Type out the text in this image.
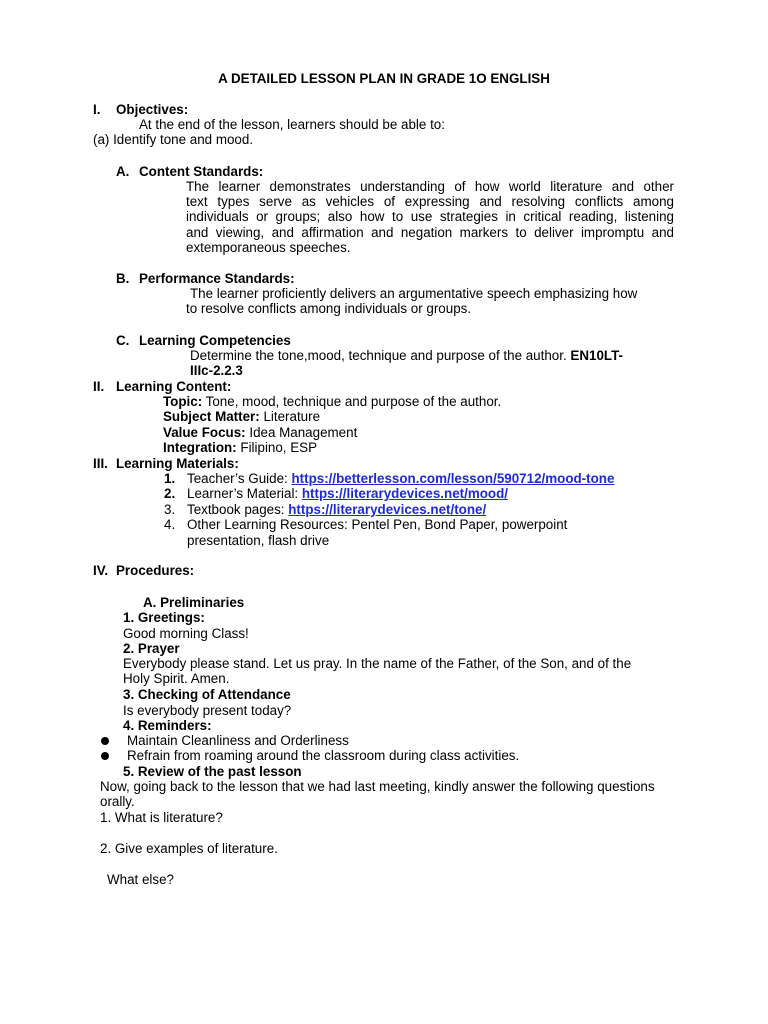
A DETAILED LESSON PLAN IN GRADE 1O ENGLISH
I. Objectives:
At the end of the lesson, learners should be able to:
(a) Identify tone and mood.
A. Content Standards:
The learner demonstrates understanding of how world literature and other
text types serve as vehicles of expressing and resolving conflicts among
individuals or groups; also how to use strategies in critical reading, listening
and viewing, and affirmation and negation markers to deliver impromptu and
extemporaneous speeches.
B. Performance Standards:
The learner proficiently delivers an argumentative speech emphasizing how
to resolve conflicts among individuals or groups.
C. Learning Competencies
Determine the tone,mood, technique and purpose of the author. EN10LT-
IIIc-2.2.3
II. Learning Content:
Topic: Tone, mood, technique and purpose of the author.
Subject Matter: Literature
Value Focus: Idea Management
Integration: Filipino, ESP
III. Learning Materials:
1. Teacher’s Guide: https://betterlesson.com/lesson/590712/mood-tone
2. Learner’s Material: https://literarydevices.net/mood/
3. Textbook pages: https://literarydevices.net/tone/
4. Other Learning Resources: Pentel Pen, Bond Paper, powerpoint
presentation, flash drive
IV. Procedures:
A. Preliminaries
1. Greetings:
Good morning Class!
2. Prayer
Everybody please stand. Let us pray. In the name of the Father, of the Son, and of the
Holy Spirit. Amen.
3. Checking of Attendance
Is everybody present today?
4. Reminders:
Maintain Cleanliness and Orderliness
Refrain from roaming around the classroom during class activities.
5. Review of the past lesson
Now, going back to the lesson that we had last meeting, kindly answer the following questions
orally.
1. What is literature?
2. Give examples of literature.
What else?
